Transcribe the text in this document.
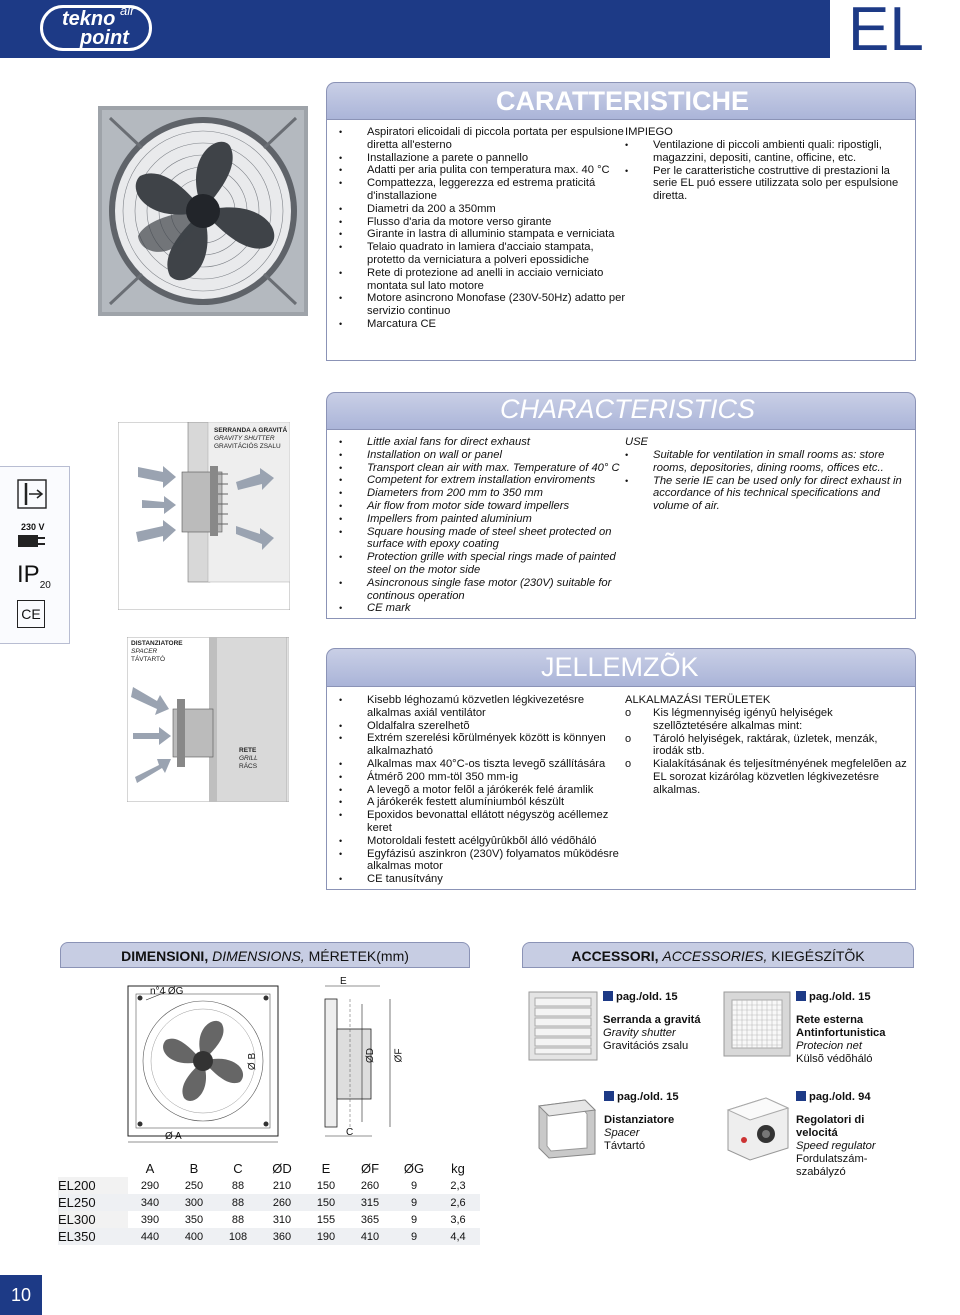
tekno air
point	EL
CARATTERISTICHE
• Aspiratori elicoidali di piccola portata per espulsione diretta all'esterno
• Installazione a parete o pannello
• Adatti per aria pulita con temperatura max. 40 °C
• Compattezza, leggerezza ed estrema praticitá d'installazione
• Diametri da 200 a 350mm
• Flusso d'aria da motore verso girante
• Girante in lastra di alluminio stampata e verniciata
• Telaio quadrato in lamiera d'acciaio stampata, protetto da verniciatura a polveri epossidiche
• Rete di protezione ad anelli in acciaio verniciato montata sul lato motore
• Motore asincrono Monofase (230V-50Hz) adatto per servizio continuo
• Marcatura CE
IMPIEGO
• Ventilazione di piccoli ambienti quali: ripostigli, magazzini, depositi, cantine, officine, etc.
• Per le caratteristiche costruttive di prestazioni la serie EL puó essere utilizzata solo per espulsione diretta.
230 V
$IP_{20}$
CE
SERRANDA A GRAVITÁ
GRAVITY SHUTTER
GRAVITÁCIÓS ZSALU
CHARACTERISTICS
• Little axial fans for direct exhaust
• Installation on wall or panel
• Transport clean air with max. Temperature of 40° C
• Competent for extrem installation enviroments
• Diameters from 200 mm to 350 mm
• Air flow from motor side toward impellers
• Impellers from painted aluminium
• Square housing made of steel sheet protected on surface with epoxy coating
• Protection grille with special rings made of painted steel on the motor side
• Asincronous single fase motor (230V) suitable for continous operation
• CE mark
USE
• Suitable for ventilation in small rooms as: store rooms, depositories, dining rooms, offices etc..
• The serie IE can be used only for direct exhaust in accordance of his technical specifications and volume of air.
DISTANZIATORE
SPACER
TÁVTARTÓ
RETE
GRILL
RÁCS
JELLEMZÕK
• Kisebb léghozamú közvetlen légkivezetésre alkalmas axiál ventilátor
• Oldalfalra szerelhetõ
• Extrém szerelési kõrülmények között is könnyen alkalmazható
• Alkalmas max 40°C-os tiszta levegõ szállítására
• Átmérõ 200 mm-töl 350 mm-ig
• A levegõ a motor felõl a járókerék felé áramlik
• A járókerék festett alumíniumból készült
• Epoxidos bevonattal ellátott négyszög acéllemez keret
• Motoroldali festett acélgyûrûkbõl álló védõháló
• Egyfázisú aszinkron (230V) folyamatos mûködésre alkalmas motor
• CE tanusítvány
ALKALMAZÁSI TERÜLETEK
o Kis légmennyiség igényû helyiségek szellõztetésére alkalmas mint:
o Tároló helyiségek, raktárak, üzletek, menzák, irodák stb.
o Kialakításának és teljesítményének megfelelõen az EL sorozat kizárólag közvetlen légkivezetésre alkalmas.
DIMENSIONI, DIMENSIONS, MÉRETEK(mm)
n°4 ØG
Ø B
Ø A
E
ØD ØF
C
	A	B	C	ØD	E	ØF	ØG	kg
EL200	290	250	88	210	150	260	9	2,3
EL250	340	300	88	260	150	315	9	2,6
EL300	390	350	88	310	155	365	9	3,6
EL350	440	400	108	360	190	410	9	4,4
ACCESSORI, ACCESSORIES, KIEGÉSZÍTÕK
pag./old. 15
Serranda a gravitá
Gravity shutter
Gravitációs zsalu
pag./old. 15
Rete esterna Antinfortunistica
Protecion net
Külsõ védõháló
pag./old. 15
Distanziatore
Spacer
Távtartó
pag./old. 94
Regolatori di velocitá
Speed regulator
Fordulatszám-szabályzó
10
